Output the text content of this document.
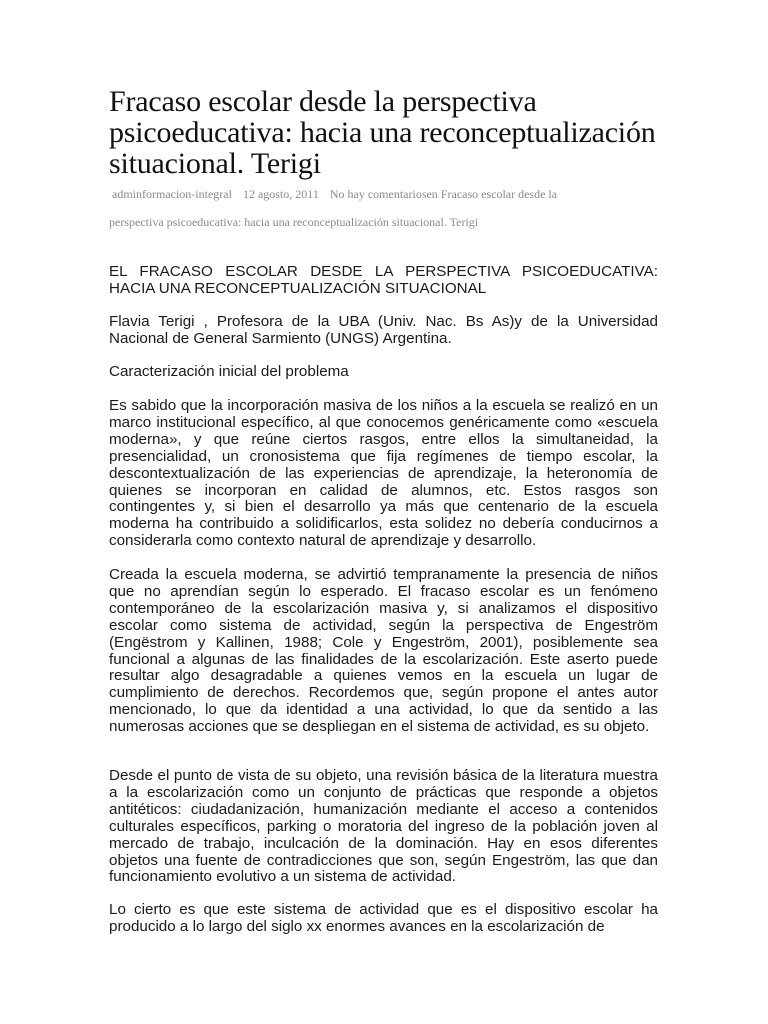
Fracaso escolar desde la perspectiva psicoeducativa: hacia una reconceptualización situacional. Terigi
adminformacion-integral 12 agosto, 2011 No hay comentariosen Fracaso escolar desde la
perspectiva psicoeducativa: hacia una reconceptualización situacional. Terigi

EL FRACASO ESCOLAR DESDE LA PERSPECTIVA PSICOEDUCATIVA: HACIA UNA RECONCEPTUALIZACIÓN SITUACIONAL

Flavia Terigi , Profesora de la UBA (Univ. Nac. Bs As)y de la Universidad Nacional de General Sarmiento (UNGS) Argentina.

Caracterización inicial del problema

Es sabido que la incorporación masiva de los niños a la escuela se realizó en un marco institucional específico, al que conocemos genéricamente como «escuela moderna», y que reúne ciertos rasgos, entre ellos la simultaneidad, la presencialidad, un cronosistema que fija regímenes de tiempo escolar, la descontextualización de las experiencias de aprendizaje, la heteronomía de quienes se incorporan en calidad de alumnos, etc. Estos rasgos son contingentes y, si bien el desarrollo ya más que centenario de la escuela moderna ha contribuido a solidificarlos, esta solidez no debería conducirnos a considerarla como contexto natural de aprendizaje y desarrollo.

Creada la escuela moderna, se advirtió tempranamente la presencia de niños que no aprendían según lo esperado. El fracaso escolar es un fenómeno contemporáneo de la escolarización masiva y, si analizamos el dispositivo escolar como sistema de actividad, según la perspectiva de Engeström (Engëstrom y Kallinen, 1988; Cole y Engeström, 2001), posiblemente sea funcional a algunas de las finalidades de la escolarización. Este aserto puede resultar algo desagradable a quienes vemos en la escuela un lugar de cumplimiento de derechos. Recordemos que, según propone el antes autor mencionado, lo que da identidad a una actividad, lo que da sentido a las numerosas acciones que se despliegan en el sistema de actividad, es su objeto.

Desde el punto de vista de su objeto, una revisión básica de la literatura muestra a la escolarización como un conjunto de prácticas que responde a objetos antitéticos: ciudadanización, humanización mediante el acceso a contenidos culturales específicos, parking o moratoria del ingreso de la población joven al mercado de trabajo, inculcación de la dominación. Hay en esos diferentes objetos una fuente de contradicciones que son, según Engeström, las que dan funcionamiento evolutivo a un sistema de actividad.

Lo cierto es que este sistema de actividad que es el dispositivo escolar ha producido a lo largo del siglo xx enormes avances en la escolarización de
